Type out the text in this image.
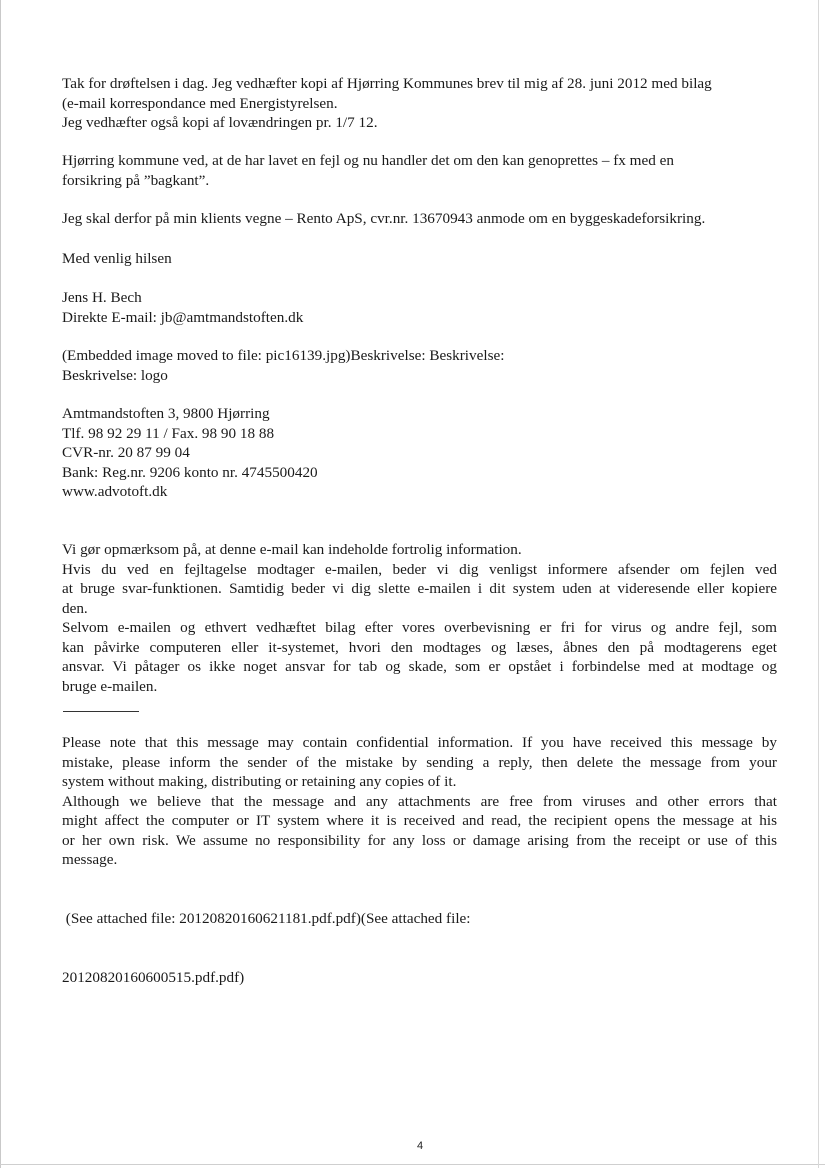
Tak for drøftelsen i dag. Jeg vedhæfter kopi af Hjørring Kommunes brev til mig af 28. juni 2012 med bilag
(e-mail korrespondance med Energistyrelsen.
Jeg vedhæfter også kopi af lovændringen pr. 1/7 12.
Hjørring kommune ved, at de har lavet en fejl og nu handler det om den kan genoprettes – fx med en
forsikring på ”bagkant”.
Jeg skal derfor på min klients vegne – Rento ApS, cvr.nr. 13670943 anmode om en byggeskadeforsikring.
Med venlig hilsen
Jens H. Bech
Direkte E-mail: jb@amtmandstoften.dk
(Embedded image moved to file: pic16139.jpg)Beskrivelse: Beskrivelse:
Beskrivelse: logo
Amtmandstoften 3, 9800 Hjørring
Tlf. 98 92 29 11 / Fax. 98 90 18 88
CVR-nr. 20 87 99 04
Bank: Reg.nr. 9206 konto nr. 4745500420
www.advotoft.dk
Vi gør opmærksom på, at denne e-mail kan indeholde fortrolig information.
Hvis du ved en fejltagelse modtager e-mailen, beder vi dig venligst informere afsender om fejlen ved
at bruge svar-funktionen. Samtidig beder vi dig slette e-mailen i dit system uden at videresende eller kopiere
den.
Selvom e-mailen og ethvert vedhæftet bilag efter vores overbevisning er fri for virus og andre fejl, som
kan påvirke computeren eller it-systemet, hvori den modtages og læses, åbnes den på modtagerens eget
ansvar. Vi påtager os ikke noget ansvar for tab og skade, som er opstået i forbindelse med at modtage og
bruge e-mailen.
Please note that this message may contain confidential information. If you have received this message by
mistake, please inform the sender of the mistake by sending a reply, then delete the message from your
system without making, distributing or retaining any copies of it.
Although we believe that the message and any attachments are free from viruses and other errors that
might affect the computer or IT system where it is received and read, the recipient opens the message at his
or her own risk. We assume no responsibility for any loss or damage arising from the receipt or use of this
message.

(See attached file: 20120820160621181.pdf.pdf)(See attached file:

20120820160600515.pdf.pdf)

4
